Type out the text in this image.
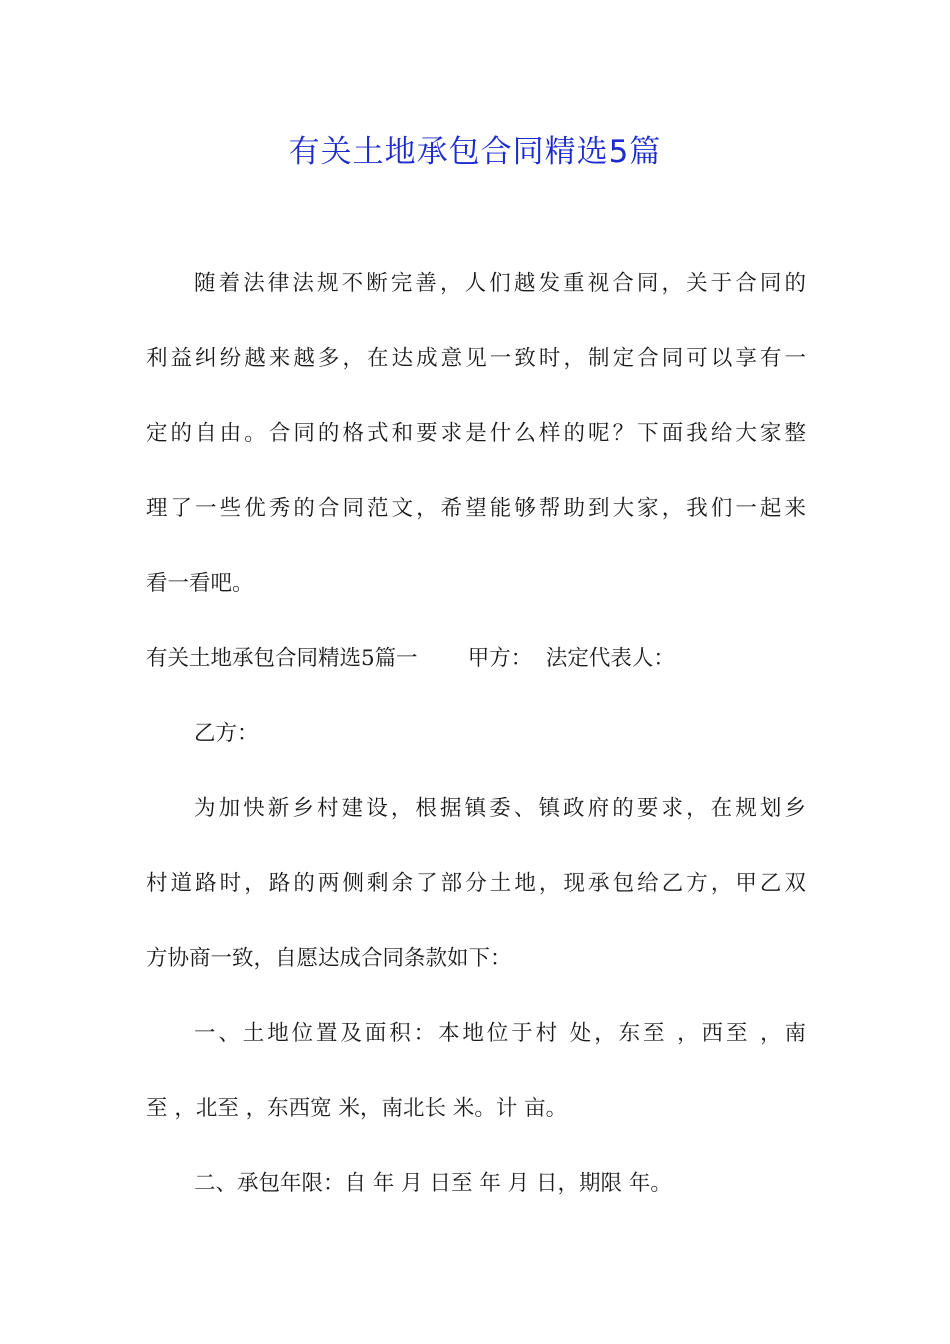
有关土地承包合同精选5篇
随着法律法规不断完善，人们越发重视合同，关于合同的
利益纠纷越来越多，在达成意见一致时，制定合同可以享有一
定的自由。合同的格式和要求是什么样的呢？下面我给大家整
理了一些优秀的合同范文，希望能够帮助到大家，我们一起来
看一看吧。
有关土地承包合同精选5篇一 甲方： 法定代表人：
乙方：
为加快新乡村建设，根据镇委、镇政府的要求，在规划乡
村道路时，路的两侧剩余了部分土地，现承包给乙方，甲乙双
方协商一致，自愿达成合同条款如下：
一、土地位置及面积：本地位于村 处，东至 ，西至 ，南
至 ，北至 ，东西宽 米，南北长 米。计 亩。
二、承包年限：自 年 月 日至 年 月 日，期限 年。
